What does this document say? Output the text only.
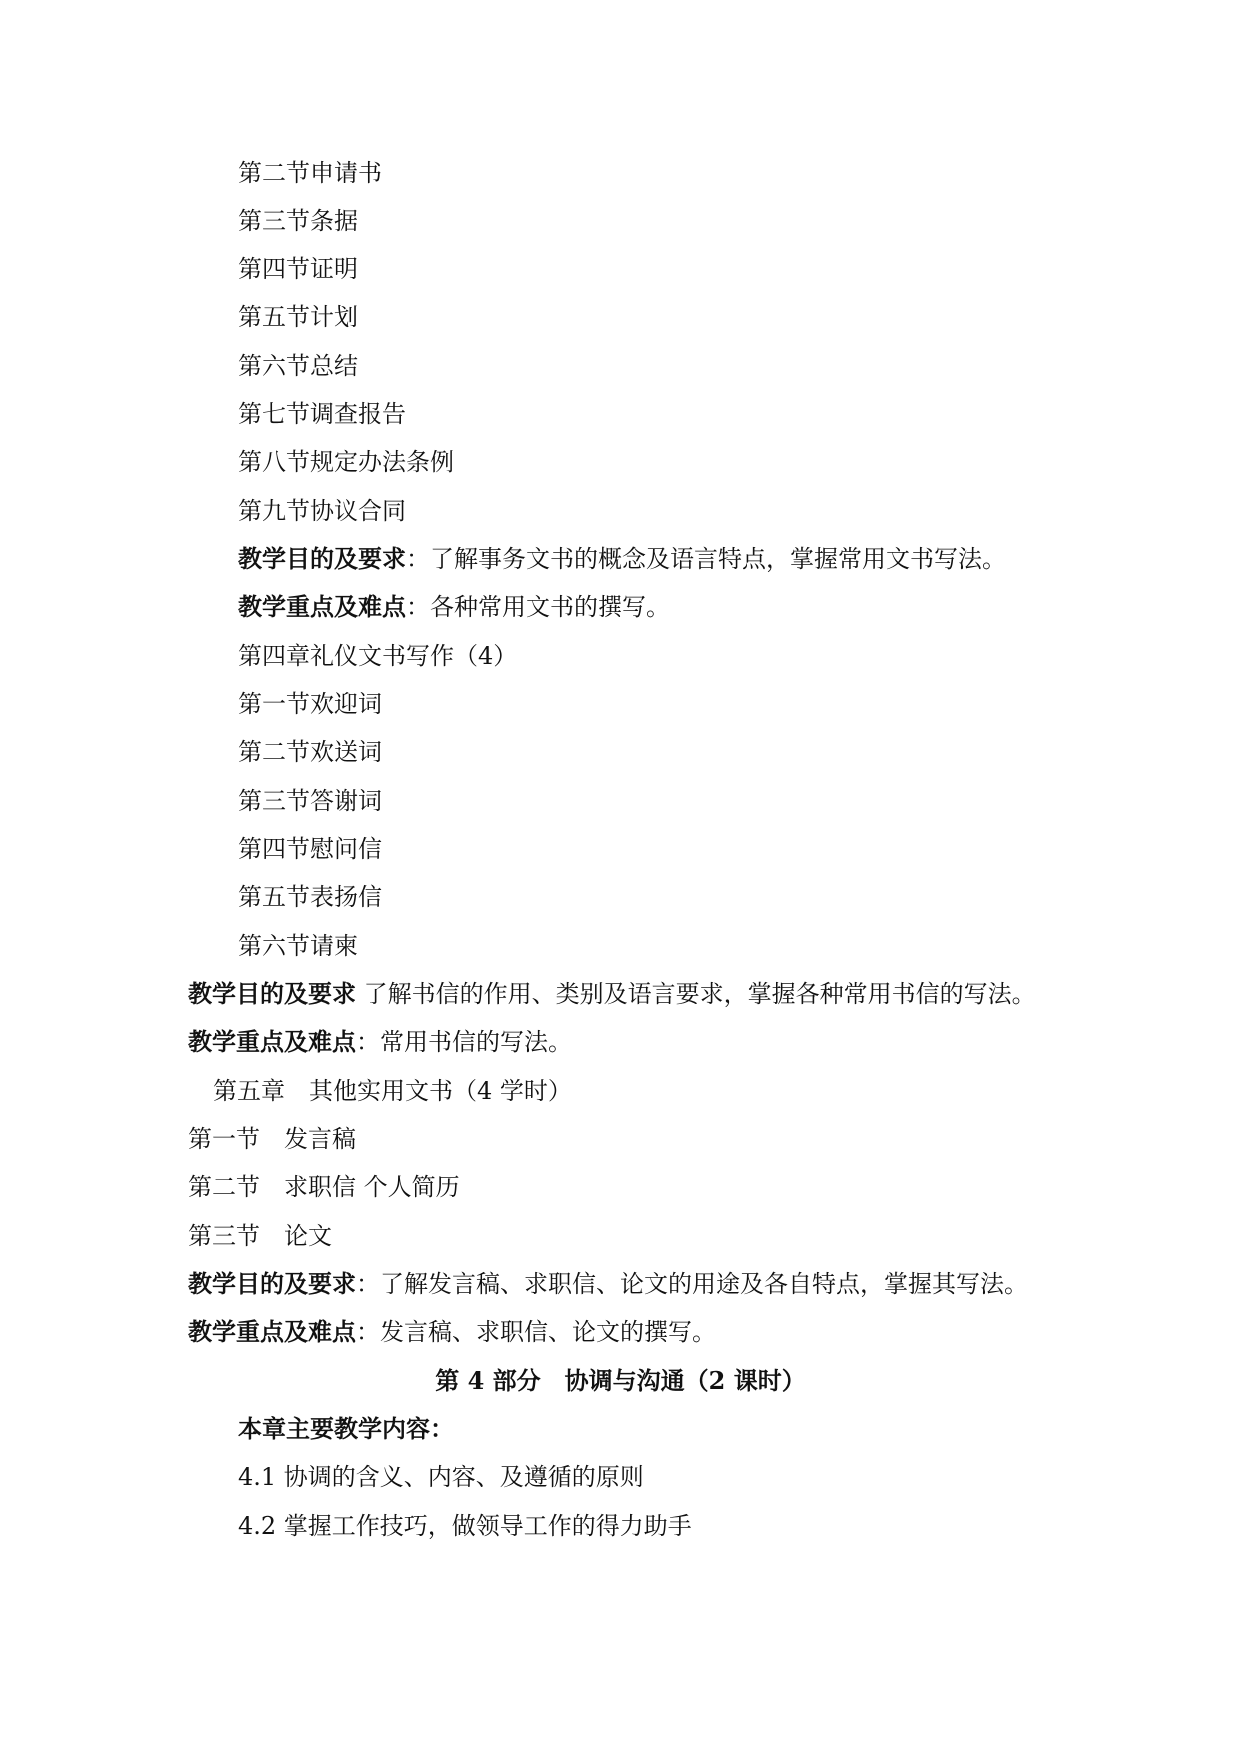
第二节申请书
第三节条据
第四节证明
第五节计划
第六节总结
第七节调查报告
第八节规定办法条例
第九节协议合同
教学目的及要求：了解事务文书的概念及语言特点，掌握常用文书写法。
教学重点及难点：各种常用文书的撰写。
第四章礼仪文书写作（4）
第一节欢迎词
第二节欢送词
第三节答谢词
第四节慰问信
第五节表扬信
第六节请柬
教学目的及要求 了解书信的作用、类别及语言要求，掌握各种常用书信的写法。
教学重点及难点：常用书信的写法。
第五章　其他实用文书（4 学时）
第一节　发言稿
第二节　求职信 个人简历
第三节　论文
教学目的及要求：了解发言稿、求职信、论文的用途及各自特点，掌握其写法。
教学重点及难点：发言稿、求职信、论文的撰写。
第 4 部分　协调与沟通（2 课时）
本章主要教学内容：
4.1 协调的含义、内容、及遵循的原则
4.2 掌握工作技巧，做领导工作的得力助手
